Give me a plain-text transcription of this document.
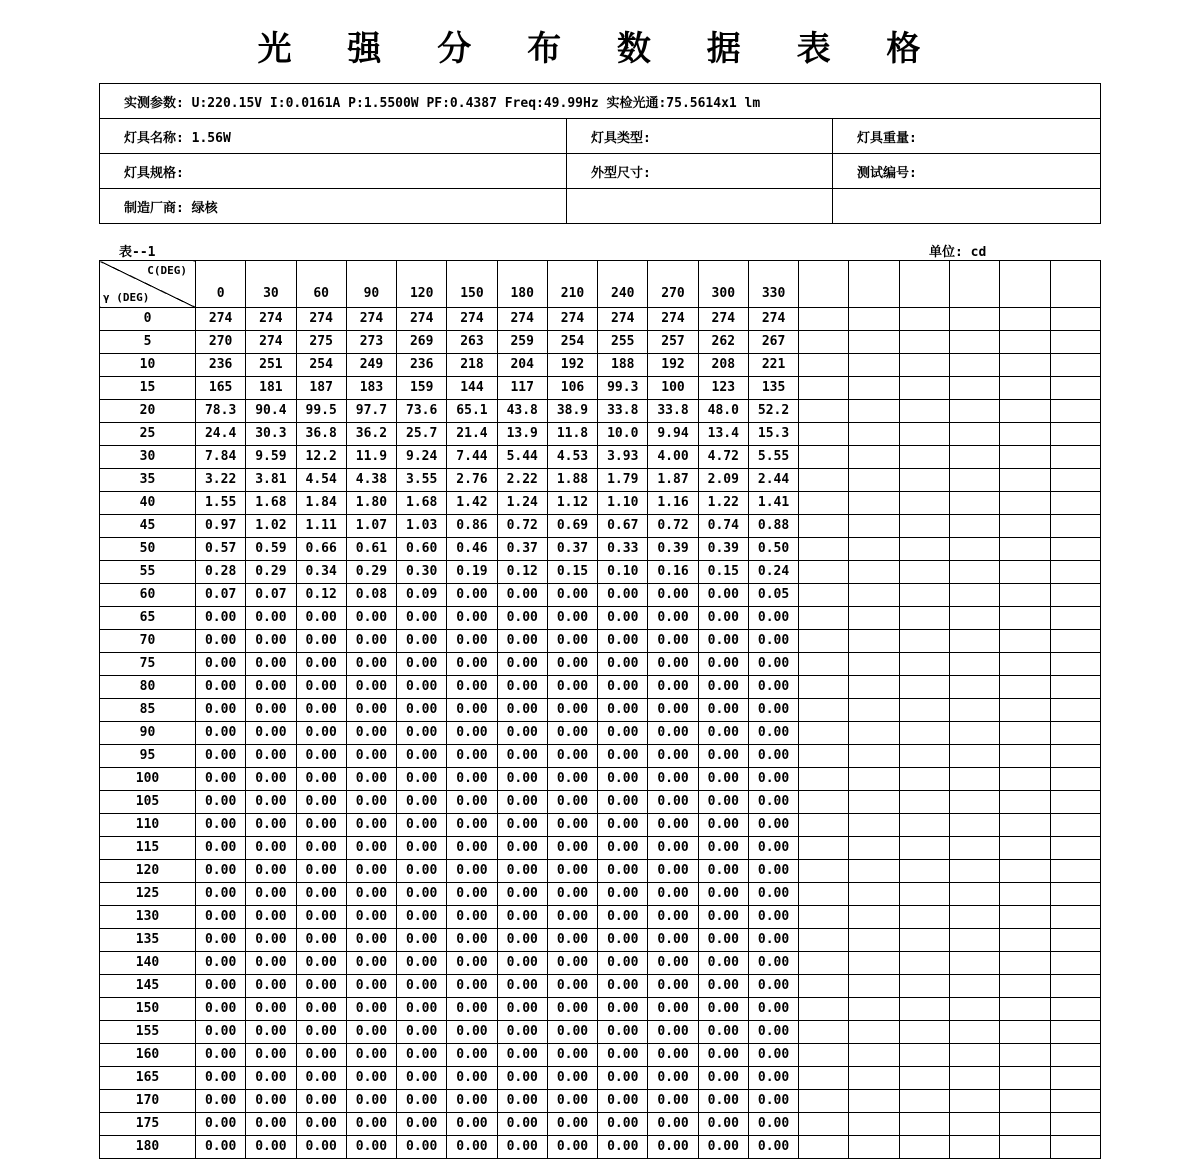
光 强 分 布 数 据 表 格
实测参数: U:220.15V I:0.0161A P:1.5500W PF:0.4387 Freq:49.99Hz 实检光通:75.5614x1 lm		
灯具名称: 1.56W	灯具类型:	灯具重量:
灯具规格:	外型尺寸:	测试编号:
制造厂商: 绿核		
表--1	单位: cd
C(DEG)
γ (DEG)	0	30	60	90	120	150	180	210	240	270	300	330						
0	274	274	274	274	274	274	274	274	274	274	274	274						
5	270	274	275	273	269	263	259	254	255	257	262	267						
10	236	251	254	249	236	218	204	192	188	192	208	221						
15	165	181	187	183	159	144	117	106	99.3	100	123	135						
20	78.3	90.4	99.5	97.7	73.6	65.1	43.8	38.9	33.8	33.8	48.0	52.2						
25	24.4	30.3	36.8	36.2	25.7	21.4	13.9	11.8	10.0	9.94	13.4	15.3						
30	7.84	9.59	12.2	11.9	9.24	7.44	5.44	4.53	3.93	4.00	4.72	5.55						
35	3.22	3.81	4.54	4.38	3.55	2.76	2.22	1.88	1.79	1.87	2.09	2.44						
40	1.55	1.68	1.84	1.80	1.68	1.42	1.24	1.12	1.10	1.16	1.22	1.41						
45	0.97	1.02	1.11	1.07	1.03	0.86	0.72	0.69	0.67	0.72	0.74	0.88						
50	0.57	0.59	0.66	0.61	0.60	0.46	0.37	0.37	0.33	0.39	0.39	0.50						
55	0.28	0.29	0.34	0.29	0.30	0.19	0.12	0.15	0.10	0.16	0.15	0.24						
60	0.07	0.07	0.12	0.08	0.09	0.00	0.00	0.00	0.00	0.00	0.00	0.05						
65	0.00	0.00	0.00	0.00	0.00	0.00	0.00	0.00	0.00	0.00	0.00	0.00						
70	0.00	0.00	0.00	0.00	0.00	0.00	0.00	0.00	0.00	0.00	0.00	0.00						
75	0.00	0.00	0.00	0.00	0.00	0.00	0.00	0.00	0.00	0.00	0.00	0.00						
80	0.00	0.00	0.00	0.00	0.00	0.00	0.00	0.00	0.00	0.00	0.00	0.00						
85	0.00	0.00	0.00	0.00	0.00	0.00	0.00	0.00	0.00	0.00	0.00	0.00						
90	0.00	0.00	0.00	0.00	0.00	0.00	0.00	0.00	0.00	0.00	0.00	0.00						
95	0.00	0.00	0.00	0.00	0.00	0.00	0.00	0.00	0.00	0.00	0.00	0.00						
100	0.00	0.00	0.00	0.00	0.00	0.00	0.00	0.00	0.00	0.00	0.00	0.00						
105	0.00	0.00	0.00	0.00	0.00	0.00	0.00	0.00	0.00	0.00	0.00	0.00						
110	0.00	0.00	0.00	0.00	0.00	0.00	0.00	0.00	0.00	0.00	0.00	0.00						
115	0.00	0.00	0.00	0.00	0.00	0.00	0.00	0.00	0.00	0.00	0.00	0.00						
120	0.00	0.00	0.00	0.00	0.00	0.00	0.00	0.00	0.00	0.00	0.00	0.00						
125	0.00	0.00	0.00	0.00	0.00	0.00	0.00	0.00	0.00	0.00	0.00	0.00						
130	0.00	0.00	0.00	0.00	0.00	0.00	0.00	0.00	0.00	0.00	0.00	0.00						
135	0.00	0.00	0.00	0.00	0.00	0.00	0.00	0.00	0.00	0.00	0.00	0.00						
140	0.00	0.00	0.00	0.00	0.00	0.00	0.00	0.00	0.00	0.00	0.00	0.00						
145	0.00	0.00	0.00	0.00	0.00	0.00	0.00	0.00	0.00	0.00	0.00	0.00						
150	0.00	0.00	0.00	0.00	0.00	0.00	0.00	0.00	0.00	0.00	0.00	0.00						
155	0.00	0.00	0.00	0.00	0.00	0.00	0.00	0.00	0.00	0.00	0.00	0.00						
160	0.00	0.00	0.00	0.00	0.00	0.00	0.00	0.00	0.00	0.00	0.00	0.00						
165	0.00	0.00	0.00	0.00	0.00	0.00	0.00	0.00	0.00	0.00	0.00	0.00						
170	0.00	0.00	0.00	0.00	0.00	0.00	0.00	0.00	0.00	0.00	0.00	0.00						
175	0.00	0.00	0.00	0.00	0.00	0.00	0.00	0.00	0.00	0.00	0.00	0.00						
180	0.00	0.00	0.00	0.00	0.00	0.00	0.00	0.00	0.00	0.00	0.00	0.00						
